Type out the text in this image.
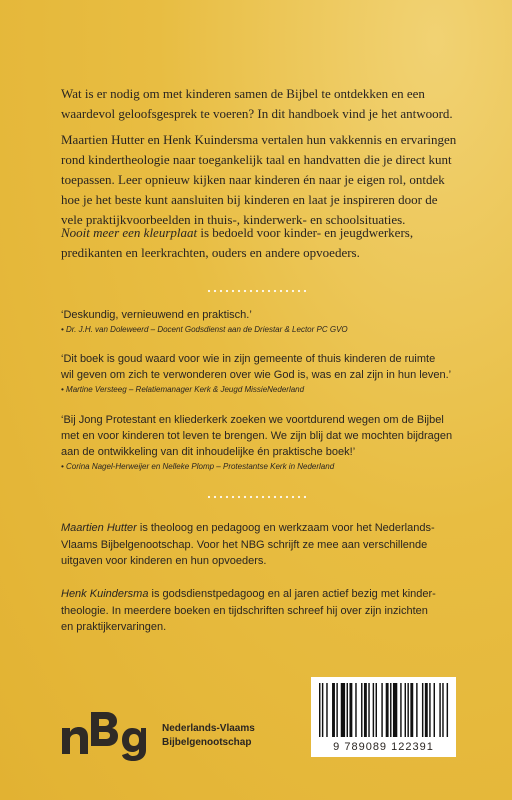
Wat is er nodig om met kinderen samen de Bijbel te ontdekken en een
waardevol geloofsgesprek te voeren? In dit handboek vind je het antwoord.
Maartien Hutter en Henk Kuindersma vertalen hun vakkennis en ervaringen
rond kindertheologie naar toegankelijk taal en handvatten die je direct kunt
toepassen. Leer opnieuw kijken naar kinderen én naar je eigen rol, ontdek
hoe je het beste kunt aansluiten bij kinderen en laat je inspireren door de
vele praktijkvoorbeelden in thuis-, kinderwerk- en schoolsituaties.
Nooit meer een kleurplaat is bedoeld voor kinder- en jeugdwerkers,
predikanten en leerkrachten, ouders en andere opvoeders.
‘Deskundig, vernieuwend en praktisch.’
• Dr. J.H. van Doleweerd – Docent Godsdienst aan de Driestar & Lector PC GVO
‘Dit boek is goud waard voor wie in zijn gemeente of thuis kinderen de ruimte
wil geven om zich te verwonderen over wie God is, was en zal zijn in hun leven.’
• Martine Versteeg – Relatiemanager Kerk & Jeugd MissieNederland
‘Bij Jong Protestant en kliederkerk zoeken we voortdurend wegen om de Bijbel
met en voor kinderen tot leven te brengen. We zijn blij dat we mochten bijdragen
aan de ontwikkeling van dit inhoudelijke én praktische boek!’
• Corina Nagel-Herweijer en Nelleke Plomp – Protestantse Kerk in Nederland
Maartien Hutter is theoloog en pedagoog en werkzaam voor het Nederlands-
Vlaams Bijbelgenootschap. Voor het NBG schrijft ze mee aan verschillende
uitgaven voor kinderen en hun opvoeders.
Henk Kuindersma is godsdienstpedagoog en al jaren actief bezig met kinder-
theologie. In meerdere boeken en tijdschriften schreef hij over zijn inzichten
en praktijkervaringen.
Nederlands-Vlaams
Bijbelgenootschap	9 789089 122391
